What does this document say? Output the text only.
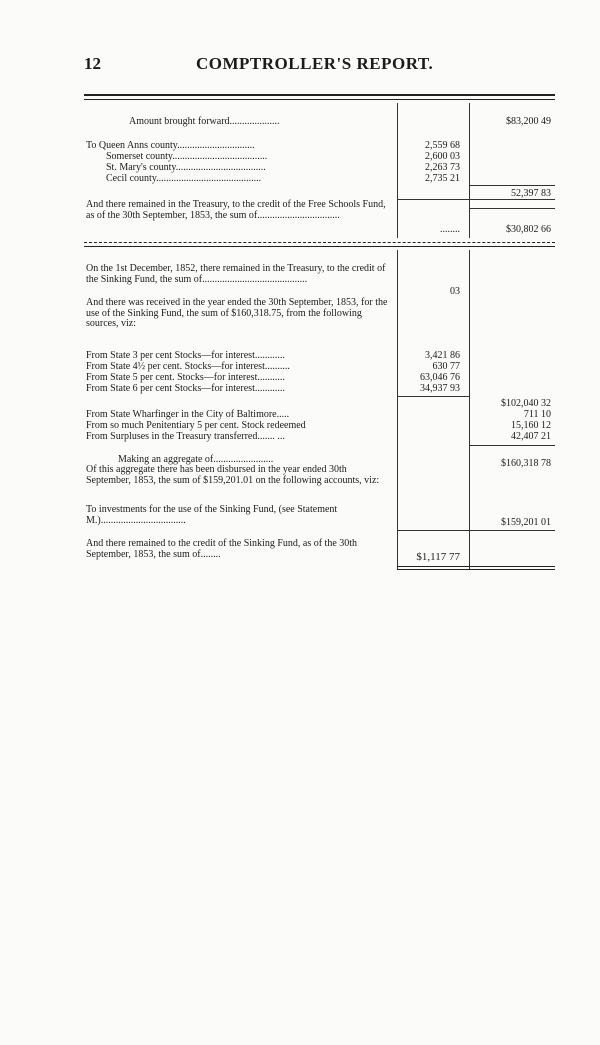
12	COMPTROLLER'S REPORT.
Amount brought forward....................	$83,200 49
To Queen Anns county...............................	2,559 68
Somerset county......................................	2,600 03
St. Mary's county....................................	2,263 73
Cecil county..........................................	2,735 21
52,397 83
And there remained in the Treasury, to the credit of the Free Schools Fund, as of the 30th September, 1853, the sum of.................................
........	$30,802 66
On the 1st December, 1852, there remained in the Treasury, to the credit of the Sinking Fund, the sum of..........................................
03
And there was received in the year ended the 30th September, 1853, for the use of the Sinking Fund, the sum of $160,318.75, from the following sources, viz:
From State 3 per cent Stocks—for interest............	3,421 86
From State 4½ per cent. Stocks—for interest..........	630 77
From State 5 per cent. Stocks—for interest...........	63,046 76
From State 6 per cent Stocks—for interest............	34,937 93
$102,040 32
From State Wharfinger in the City of Baltimore.....	711 10
From so much Penitentiary 5 per cent. Stock redeemed	15,160 12
From Surpluses in the Treasury transferred....... ...	42,407 21
Making an aggregate of........................	$160,318 78
Of this aggregate there has been disbursed in the year ended 30th September, 1853, the sum of $159,201.01 on the following accounts, viz:
To investments for the use of the Sinking Fund, (see Statement M.)..................................	$159,201 01
And there remained to the credit of the Sinking Fund, as of the 30th September, 1853, the sum of........	$1,117 77
